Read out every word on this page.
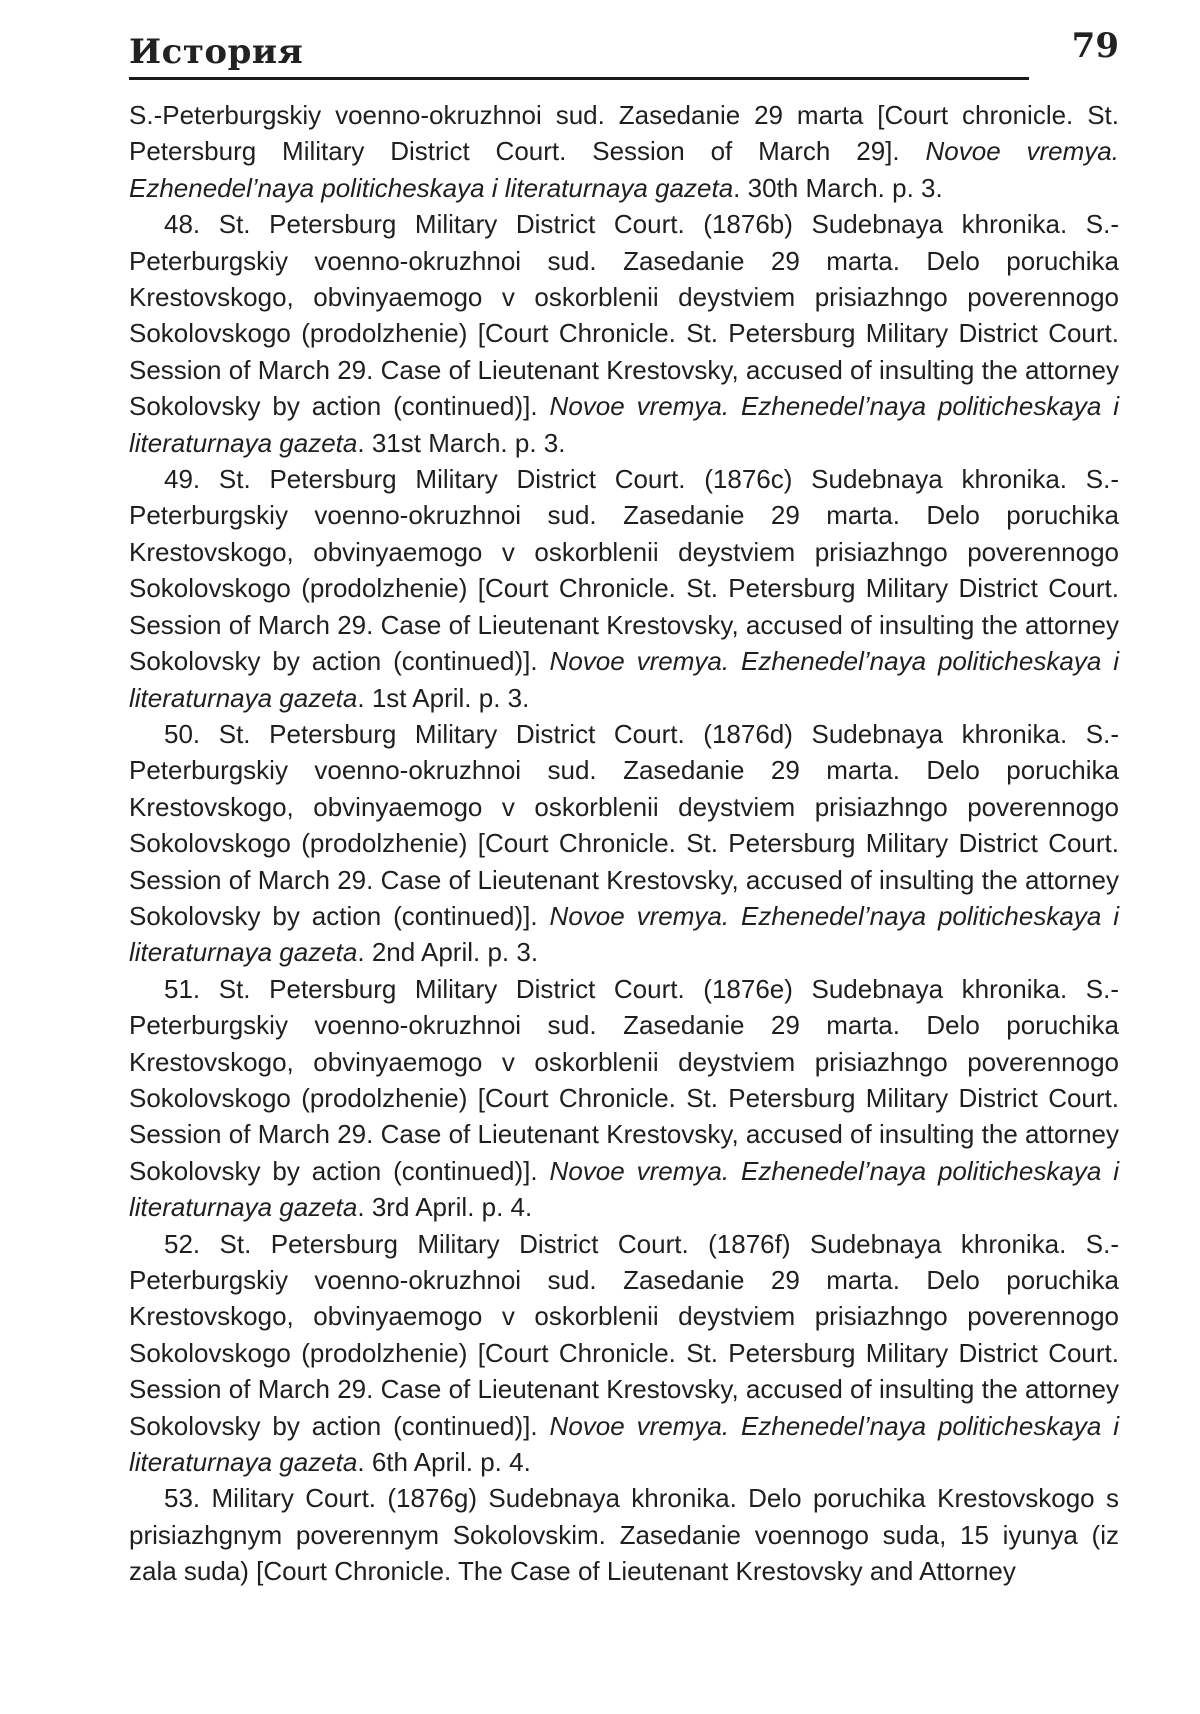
История	79

S.-Peterburgskiy voenno-okruzhnoi sud. Zasedanie 29 marta [Court chronicle. St. Petersburg Military District Court. Session of March 29]. Novoe vremya. Ezhenedel’naya politicheskaya i literaturnaya gazeta. 30th March. p. 3.

48. St. Petersburg Military District Court. (1876b) Sudebnaya khronika. S.-Peterburgskiy voenno-okruzhnoi sud. Zasedanie 29 marta. Delo poruchika Krestovskogo, obvinyaemogo v oskorblenii deystviem prisiazhngo poverennogo Sokolovskogo (prodolzhenie) [Court Chronicle. St. Petersburg Military District Court. Session of March 29. Case of Lieutenant Krestovsky, accused of insulting the attorney Sokolovsky by action (continued)]. Novoe vremya. Ezhenedel’naya politicheskaya i literaturnaya gazeta. 31st March. p. 3.

49. St. Petersburg Military District Court. (1876c) Sudebnaya khronika. S.-Peterburgskiy voenno-okruzhnoi sud. Zasedanie 29 marta. Delo poruchika Krestovskogo, obvinyaemogo v oskorblenii deystviem prisiazhngo poverennogo Sokolovskogo (prodolzhenie) [Court Chronicle. St. Petersburg Military District Court. Session of March 29. Case of Lieutenant Krestovsky, accused of insulting the attorney Sokolovsky by action (continued)]. Novoe vremya. Ezhenedel’naya politicheskaya i literaturnaya gazeta. 1st April. p. 3.

50. St. Petersburg Military District Court. (1876d) Sudebnaya khronika. S.-Peterburgskiy voenno-okruzhnoi sud. Zasedanie 29 marta. Delo poruchika Krestovskogo, obvinyaemogo v oskorblenii deystviem prisiazhngo poverennogo Sokolovskogo (prodolzhenie) [Court Chronicle. St. Petersburg Military District Court. Session of March 29. Case of Lieutenant Krestovsky, accused of insulting the attorney Sokolovsky by action (continued)]. Novoe vremya. Ezhenedel’naya politicheskaya i literaturnaya gazeta. 2nd April. p. 3.

51. St. Petersburg Military District Court. (1876e) Sudebnaya khronika. S.-Peterburgskiy voenno-okruzhnoi sud. Zasedanie 29 marta. Delo poruchika Krestovskogo, obvinyaemogo v oskorblenii deystviem prisiazhngo poverennogo Sokolovskogo (prodolzhenie) [Court Chronicle. St. Petersburg Military District Court. Session of March 29. Case of Lieutenant Krestovsky, accused of insulting the attorney Sokolovsky by action (continued)]. Novoe vremya. Ezhenedel’naya politicheskaya i literaturnaya gazeta. 3rd April. p. 4.

52. St. Petersburg Military District Court. (1876f) Sudebnaya khronika. S.-Peterburgskiy voenno-okruzhnoi sud. Zasedanie 29 marta. Delo poruchika Krestovskogo, obvinyaemogo v oskorblenii deystviem prisiazhngo poverennogo Sokolovskogo (prodolzhenie) [Court Chronicle. St. Petersburg Military District Court. Session of March 29. Case of Lieutenant Krestovsky, accused of insulting the attorney Sokolovsky by action (continued)]. Novoe vremya. Ezhenedel’naya politicheskaya i literaturnaya gazeta. 6th April. p. 4.

53. Military Court. (1876g) Sudebnaya khronika. Delo poruchika Krestovskogo s prisiazhgnym poverennym Sokolovskim. Zasedanie voennogo suda, 15 iyunya (iz zala suda) [Court Chronicle. The Case of Lieutenant Krestovsky and Attorney
